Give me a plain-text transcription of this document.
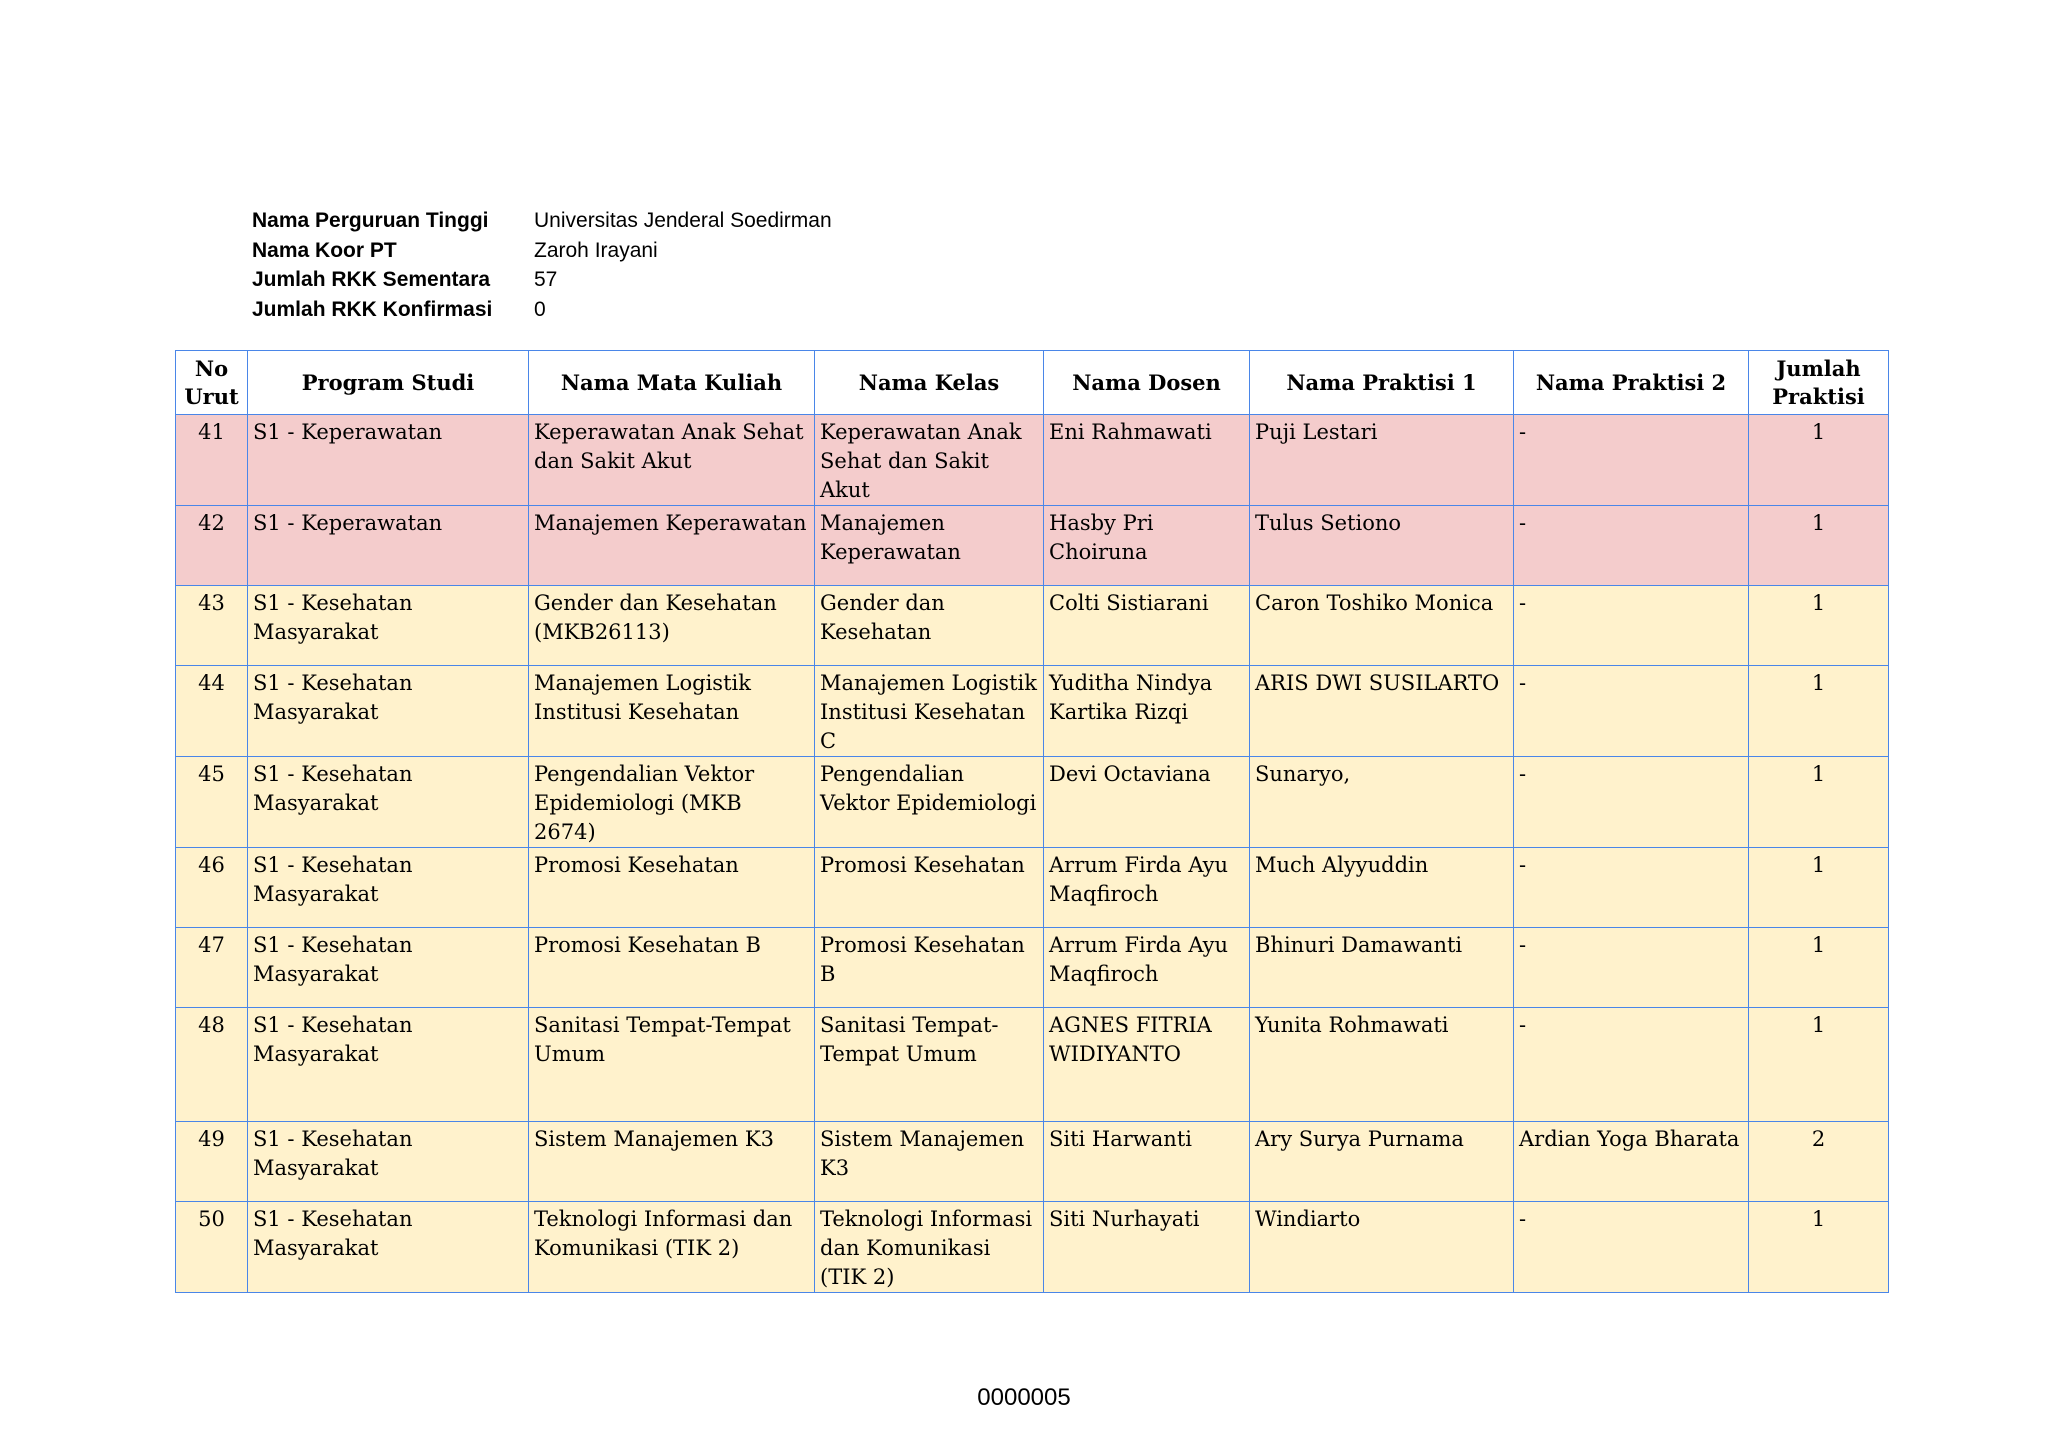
Nama Perguruan Tinggi	Universitas Jenderal Soedirman
Nama Koor PT	Zaroh Irayani
Jumlah RKK Sementara	57
Jumlah RKK Konfirmasi	0
No Urut	Program Studi	Nama Mata Kuliah	Nama Kelas	Nama Dosen	Nama Praktisi 1	Nama Praktisi 2	Jumlah Praktisi
41	S1 - Keperawatan	Keperawatan Anak Sehat dan Sakit Akut	Keperawatan Anak Sehat dan Sakit Akut	Eni Rahmawati	Puji Lestari	-	1
42	S1 - Keperawatan	Manajemen Keperawatan	Manajemen Keperawatan	Hasby Pri Choiruna	Tulus Setiono	-	1
43	S1 - Kesehatan Masyarakat	Gender dan Kesehatan (MKB26113)	Gender dan Kesehatan	Colti Sistiarani	Caron Toshiko Monica	-	1
44	S1 - Kesehatan Masyarakat	Manajemen Logistik Institusi Kesehatan	Manajemen Logistik Institusi Kesehatan C	Yuditha Nindya Kartika Rizqi	ARIS DWI SUSILARTO	-	1
45	S1 - Kesehatan Masyarakat	Pengendalian Vektor Epidemiologi (MKB 2674)	Pengendalian Vektor Epidemiologi	Devi Octaviana	Sunaryo,	-	1
46	S1 - Kesehatan Masyarakat	Promosi Kesehatan	Promosi Kesehatan	Arrum Firda Ayu Maqfiroch	Much Alyyuddin	-	1
47	S1 - Kesehatan Masyarakat	Promosi Kesehatan B	Promosi Kesehatan B	Arrum Firda Ayu Maqfiroch	Bhinuri Damawanti	-	1
48	S1 - Kesehatan Masyarakat	Sanitasi Tempat-Tempat Umum	Sanitasi Tempat-Tempat Umum	AGNES FITRIA WIDIYANTO	Yunita Rohmawati	-	1
49	S1 - Kesehatan Masyarakat	Sistem Manajemen K3	Sistem Manajemen K3	Siti Harwanti	Ary Surya Purnama	Ardian Yoga Bharata	2
50	S1 - Kesehatan Masyarakat	Teknologi Informasi dan Komunikasi (TIK 2)	Teknologi Informasi dan Komunikasi (TIK 2)	Siti Nurhayati	Windiarto	-	1
0000005
